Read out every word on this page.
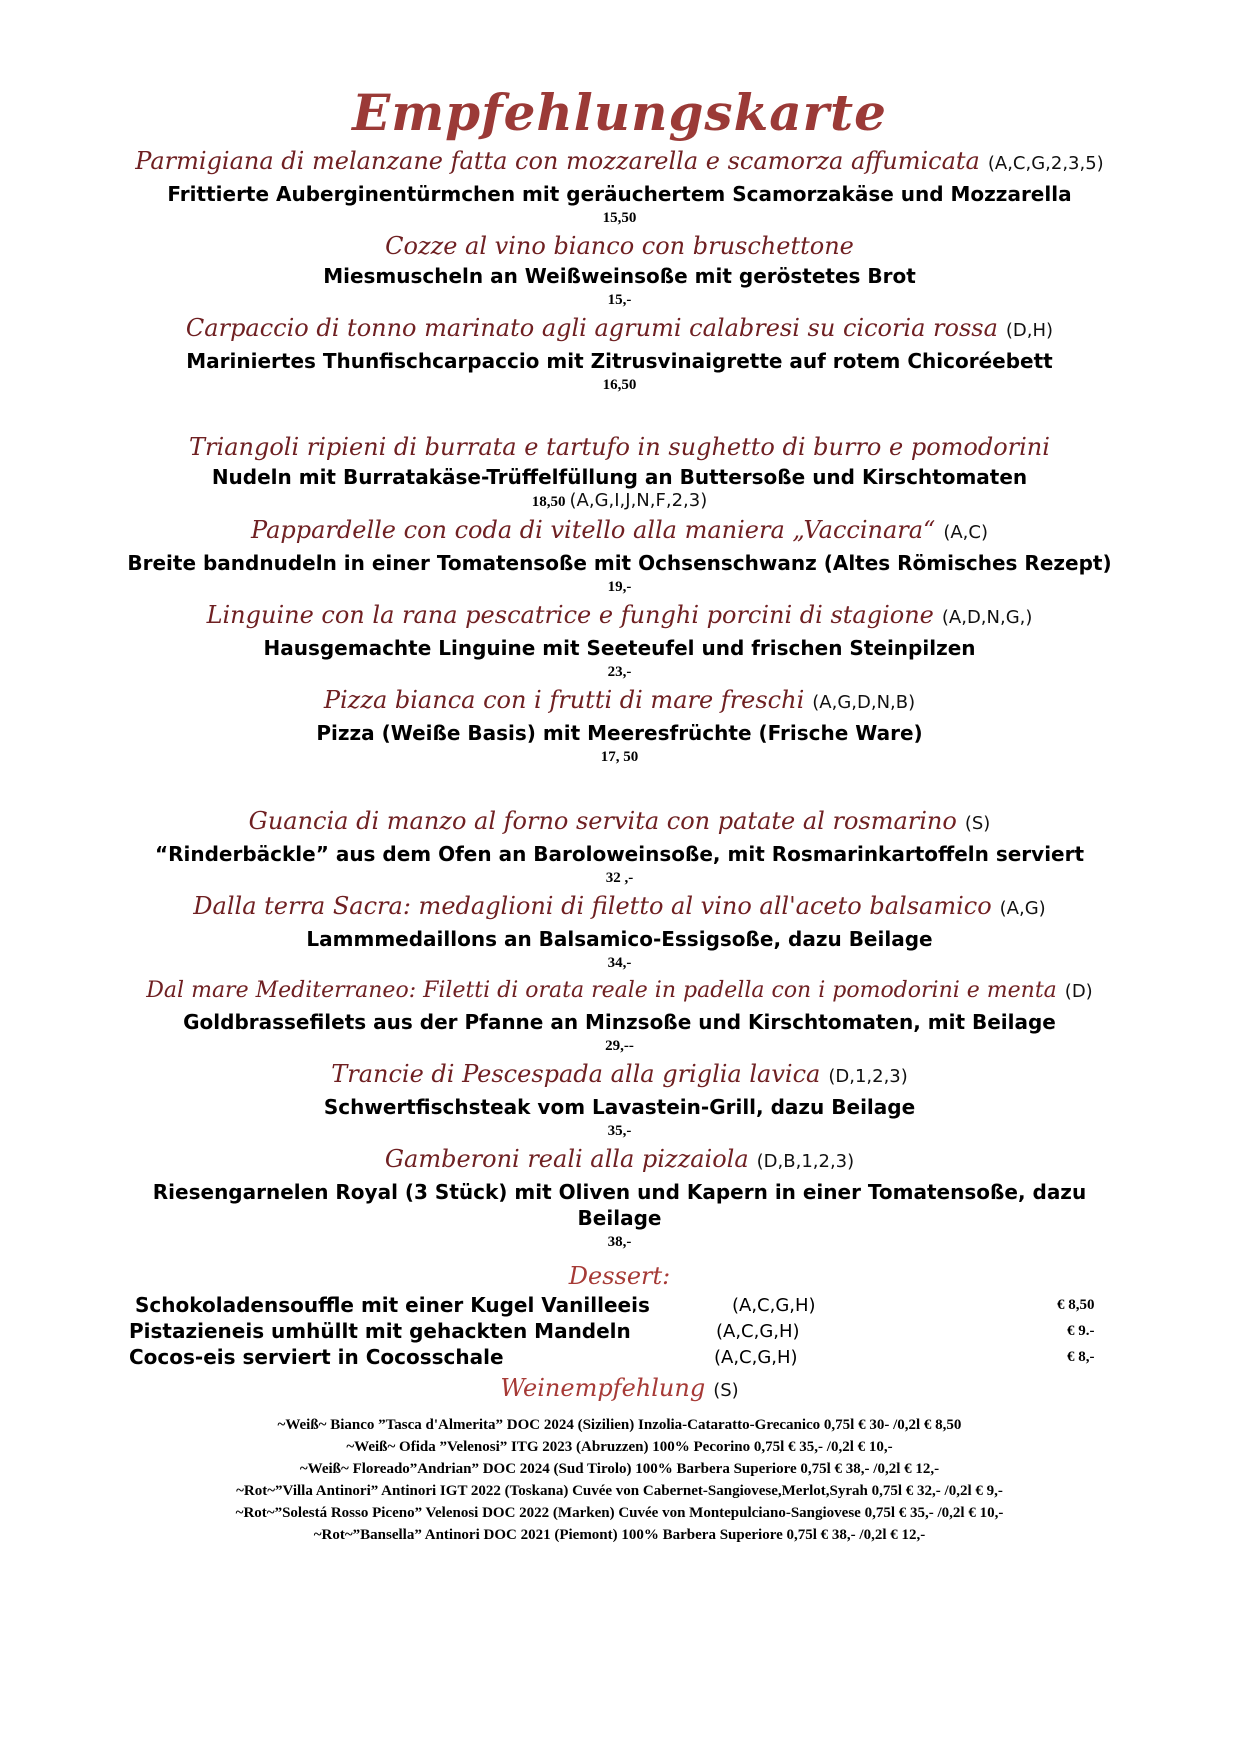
Empfehlungskarte
Parmigiana di melanzane fatta con mozzarella e scamorza affumicata (A,C,G,2,3,5)
Frittierte Auberginentürmchen mit geräuchertem Scamorzakäse und Mozzarella
15,50
Cozze al vino bianco con bruschettone
Miesmuscheln an Weißweinsoße mit geröstetes Brot
15,-
Carpaccio di tonno marinato agli agrumi calabresi su cicoria rossa (D,H)
Mariniertes Thunfischcarpaccio mit Zitrusvinaigrette auf rotem Chicoréebett
16,50
Triangoli ripieni di burrata e tartufo in sughetto di burro e pomodorini
Nudeln mit Burratakäse-Trüffelfüllung an Buttersoße und Kirschtomaten
18,50 (A,G,I,J,N,F,2,3)
Pappardelle con coda di vitello alla maniera „Vaccinara“ (A,C)
Breite bandnudeln in einer Tomatensoße mit Ochsenschwanz (Altes Römisches Rezept)
19,-
Linguine con la rana pescatrice e funghi porcini di stagione (A,D,N,G,)
Hausgemachte Linguine mit Seeteufel und frischen Steinpilzen
23,-
Pizza bianca con i frutti di mare freschi (A,G,D,N,B)
Pizza (Weiße Basis) mit Meeresfrüchte (Frische Ware)
17, 50
Guancia di manzo al forno servita con patate al rosmarino (S)
“Rinderbäckle” aus dem Ofen an Baroloweinsoße, mit Rosmarinkartoffeln serviert
32 ,-
Dalla terra Sacra: medaglioni di filetto al vino all'aceto balsamico (A,G)
Lammmedaillons an Balsamico-Essigsoße, dazu Beilage
34,-
Dal mare Mediterraneo: Filetti di orata reale in padella con i pomodorini e menta (D)
Goldbrassefilets aus der Pfanne an Minzsoße und Kirschtomaten, mit Beilage
29,--
Trancie di Pescespada alla griglia lavica (D,1,2,3)
Schwertfischsteak vom Lavastein-Grill, dazu Beilage
35,-
Gamberoni reali alla pizzaiola (D,B,1,2,3)
Riesengarnelen Royal (3 Stück) mit Oliven und Kapern in einer Tomatensoße, dazu Beilage
38,-
Dessert:
Schokoladensouffle mit einer Kugel Vanilleeis	(A,C,G,H)	€ 8,50
Pistazieneis umhüllt mit gehackten Mandeln	(A,C,G,H)	€ 9.-
Cocos-eis serviert in Cocosschale	(A,C,G,H)	€ 8,-
Weinempfehlung (S)
~Weiß~ Bianco ”Tasca d'Almerita” DOC 2024 (Sizilien) Inzolia-Cataratto-Grecanico 0,75l € 30- /0,2l € 8,50
~Weiß~ Ofida ”Velenosi” ITG 2023 (Abruzzen) 100% Pecorino 0,75l € 35,- /0,2l € 10,-
~Weiß~ Floreado”Andrian” DOC 2024 (Sud Tirolo) 100% Barbera Superiore 0,75l € 38,- /0,2l € 12,-
~Rot~”Villa Antinori” Antinori IGT 2022 (Toskana) Cuvée von Cabernet-Sangiovese,Merlot,Syrah 0,75l € 32,- /0,2l € 9,-
~Rot~”Solestá Rosso Piceno” Velenosi DOC 2022 (Marken) Cuvée von Montepulciano-Sangiovese 0,75l € 35,- /0,2l € 10,-
~Rot~”Bansella” Antinori DOC 2021 (Piemont) 100% Barbera Superiore 0,75l € 38,- /0,2l € 12,-
